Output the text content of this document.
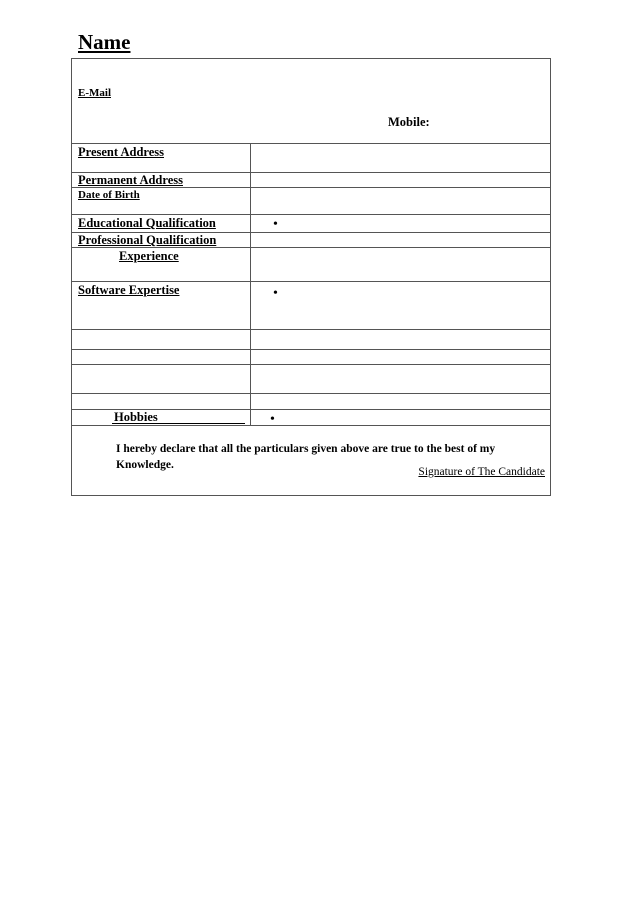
Name
E-Mail
Mobile:
Present Address
Permanent Address
Date of Birth
Educational Qualification	•
Professional Qualification
Experience
Software Expertise	•
Hobbies	•
I hereby declare that all the particulars given above are true to the best of my Knowledge.
Signature of The Candidate
